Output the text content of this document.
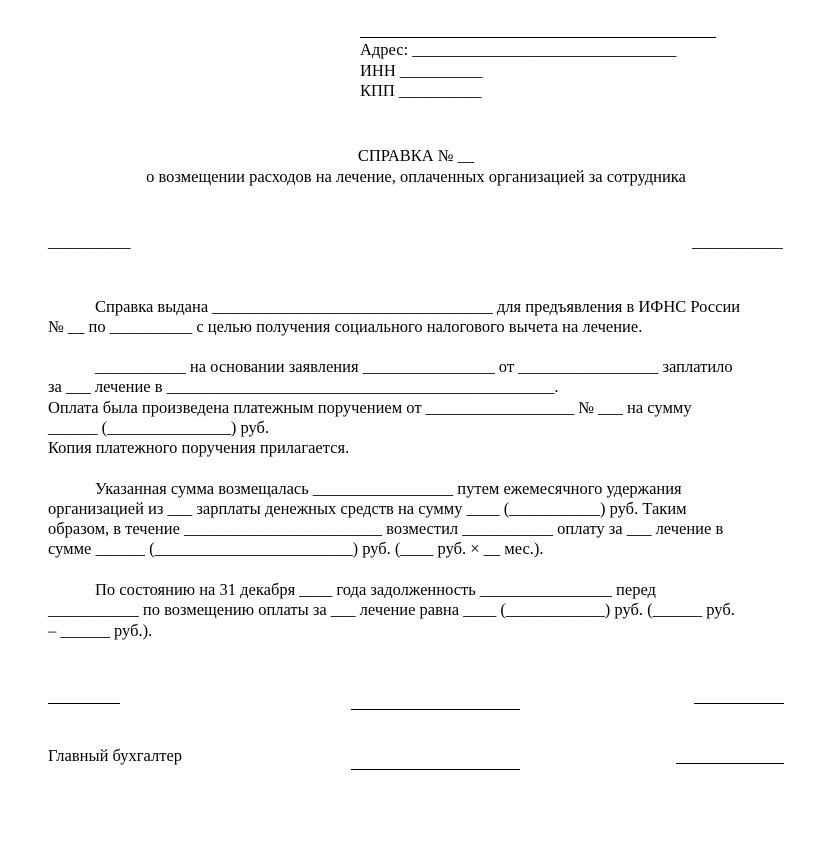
Адрес: ________________________________
ИНН __________
КПП __________
СПРАВКА № __
о возмещении расходов на лечение, оплаченных организацией за сотрудника
__________	___________
Справка выдана __________________________________ для предъявления в ИФНС России
№ __ по __________ с целью получения социального налогового вычета на лечение.
___________ на основании заявления ________________ от _________________ заплатило
за ___ лечение в _______________________________________________.
Оплата была произведена платежным поручением от __________________ № ___ на сумму
______ (_______________) руб.
Копия платежного поручения прилагается.
Указанная сумма возмещалась _________________ путем ежемесячного удержания
организацией из ___ зарплаты денежных средств на сумму ____ (___________) руб. Таким
образом, в течение ________________________ возместил ___________ оплату за ___ лечение в
сумме ______ (________________________) руб. (____ руб. × __ мес.).
По состоянию на 31 декабря ____ года задолженность ________________ перед
___________ по возмещению оплаты за ___ лечение равна ____ (____________) руб. (______ руб.
– ______ руб.).
Главный бухгалтер
